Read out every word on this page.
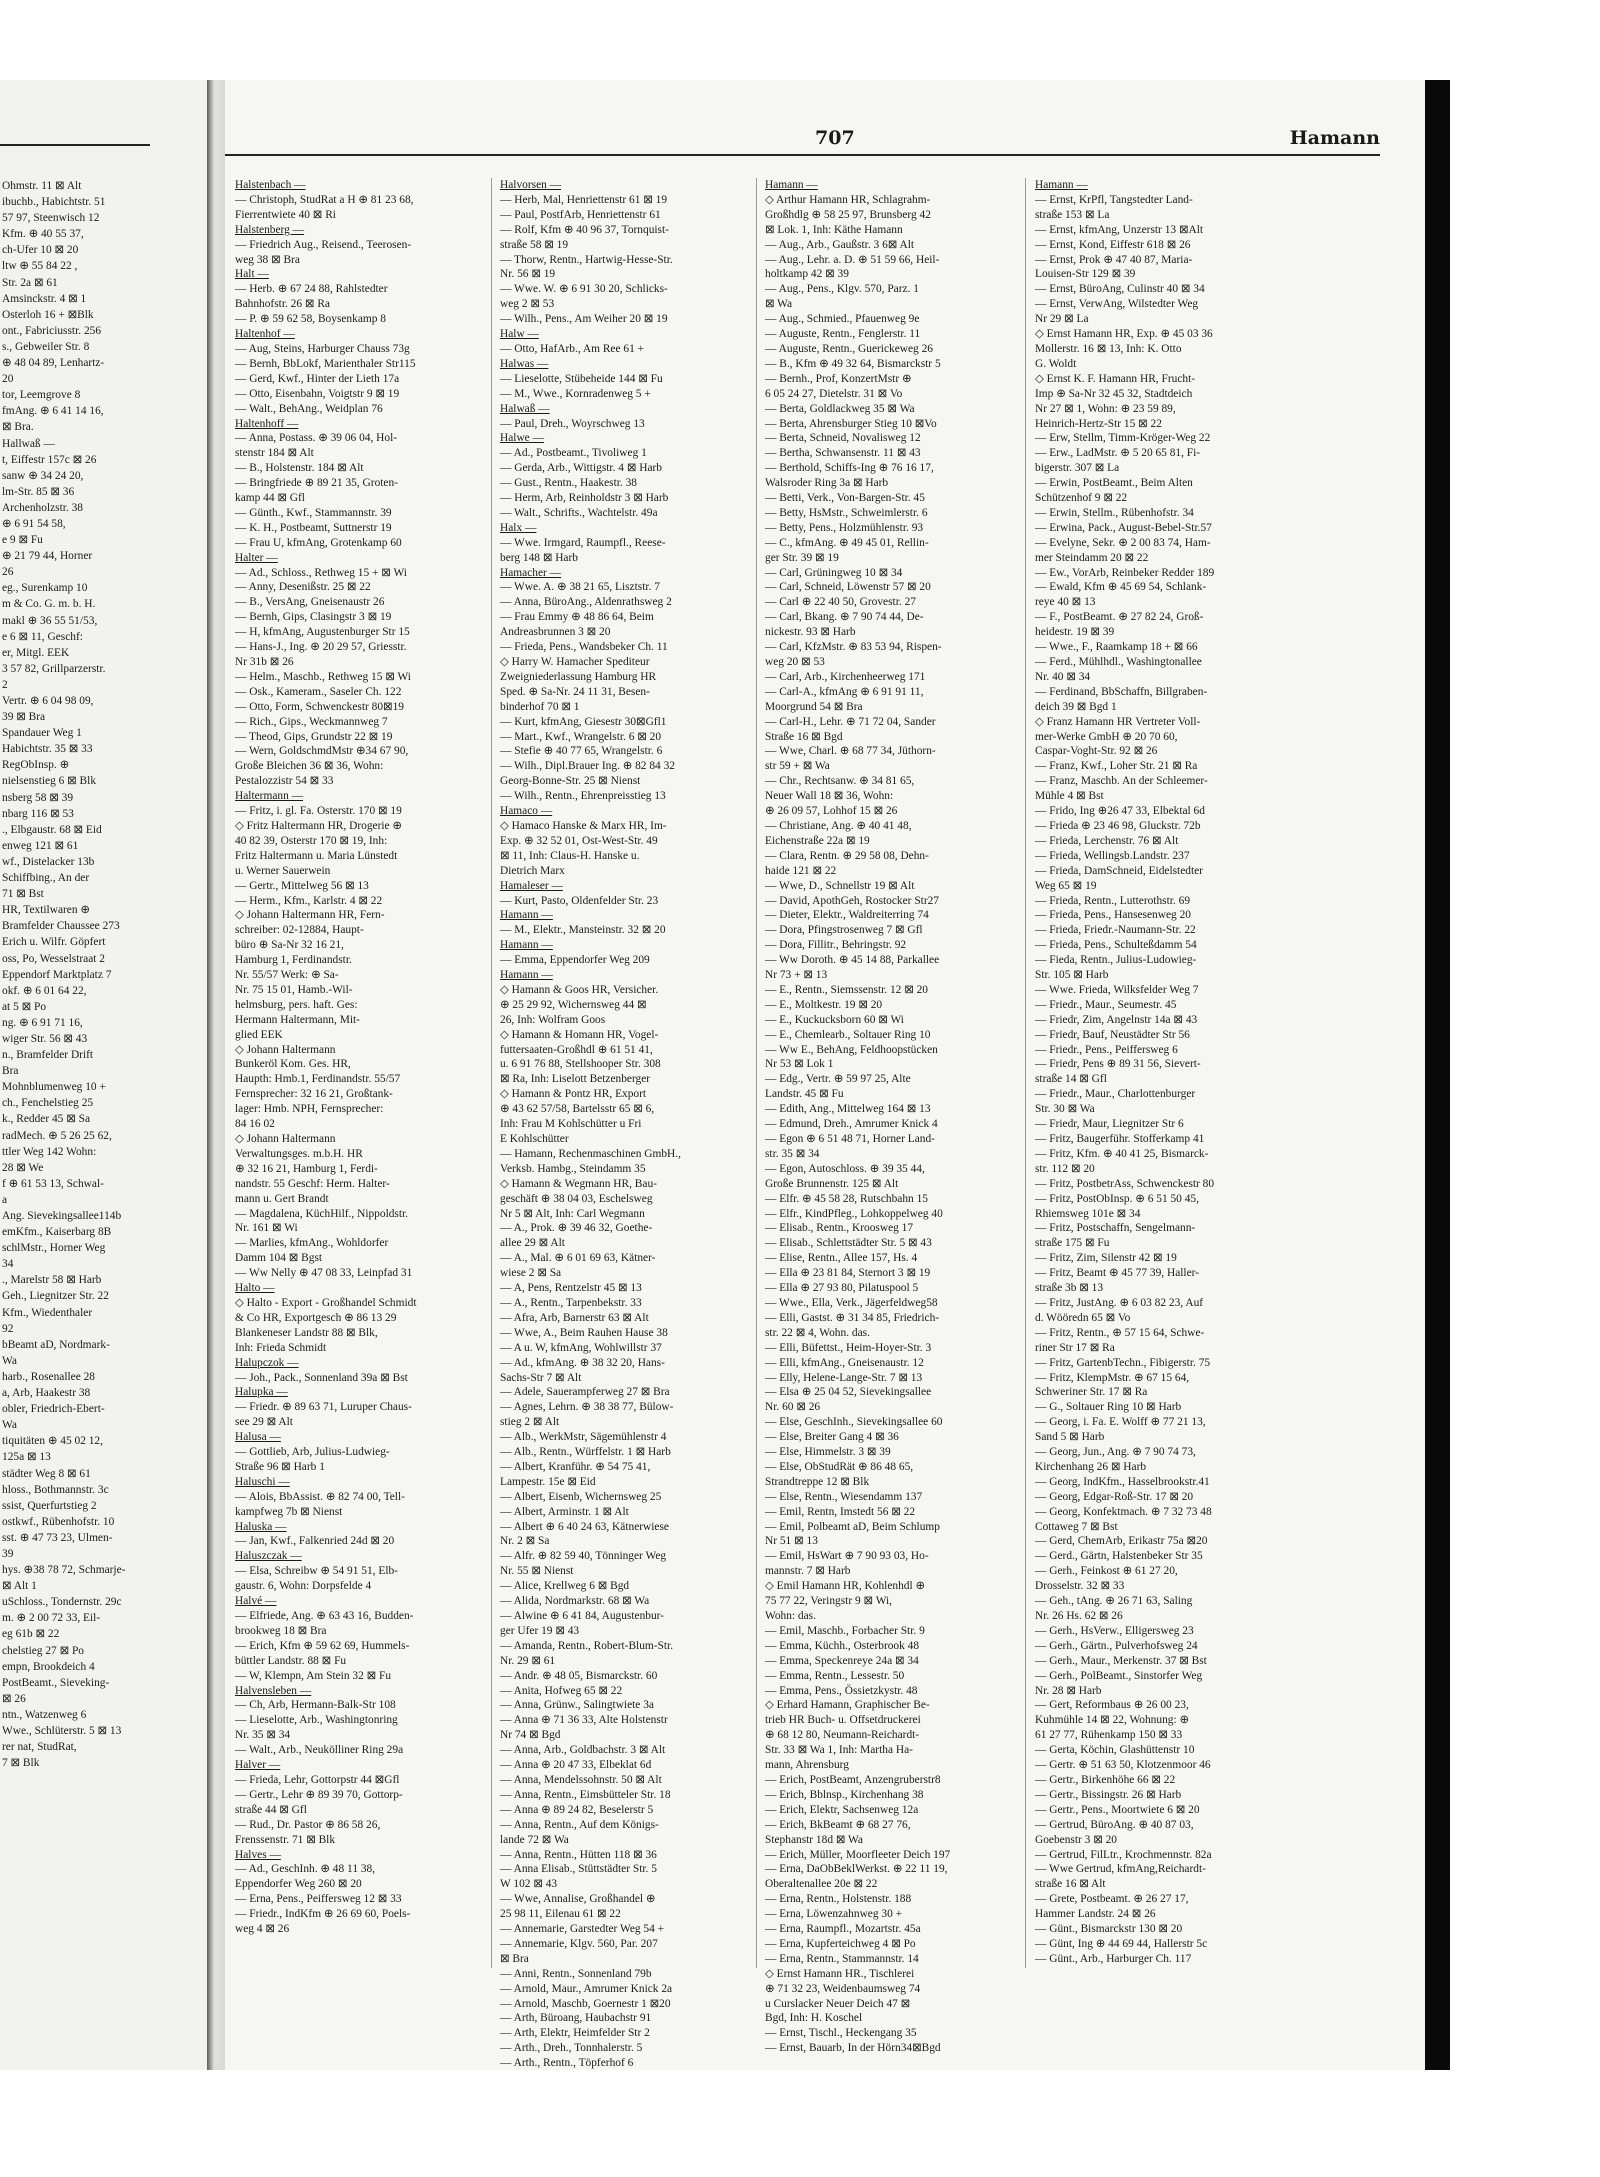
Ohmstr. 11 ⊠ Alt
ibuchb., Habichtstr. 51
57 97, Steenwisch 12
Kfm. ⊕ 40 55 37,
ch-Ufer 10 ⊠ 20
ltw ⊕ 55 84 22 ,
Str. 2a ⊠ 61
Amsinckstr. 4 ⊠ 1
Osterloh 16 + ⊠Blk
ont., Fabriciusstr. 256
s., Gebweiler Str. 8
⊕ 48 04 89, Lenhartz-
20
tor, Leemgrove 8
fmAng. ⊕ 6 41 14 16,
⊠ Bra.
Hallwaß —
t, Eiffestr 157c ⊠ 26
sanw ⊕ 34 24 20,
lm-Str. 85 ⊠ 36
Archenholzstr. 38
⊕ 6 91 54 58,
e 9 ⊠ Fu
⊕ 21 79 44, Horner
26
eg., Surenkamp 10
m & Co. G. m. b. H.
makl ⊕ 36 55 51/53,
e 6 ⊠ 11, Geschf:
er, Mitgl. EEK
3 57 82, Grillparzerstr.
2
Vertr. ⊕ 6 04 98 09,
39 ⊠ Bra
Spandauer Weg 1
Habichtstr. 35 ⊠ 33
RegObInsp. ⊕
nielsenstieg 6 ⊠ Blk
nsberg 58 ⊠ 39
nbarg 116 ⊠ 53
., Elbgaustr. 68 ⊠ Eid
enweg 121 ⊠ 61
wf., Distelacker 13b
Schiffbing., An der
71 ⊠ Bst
HR, Textilwaren ⊕
Bramfelder Chaussee 273
Erich u. Wilfr. Göpfert
oss, Po, Wesselstraat 2
Eppendorf Marktplatz 7
okf. ⊕ 6 01 64 22,
at 5 ⊠ Po
ng. ⊕ 6 91 71 16,
wiger Str. 56 ⊠ 43
n., Bramfelder Drift
Bra
Mohnblumenweg 10 +
ch., Fenchelstieg 25
k., Redder 45 ⊠ Sa
radMech. ⊕ 5 26 25 62,
ttler Weg 142 Wohn:
28 ⊠ We
f ⊕ 61 53 13, Schwal-
a
Ang. Sievekingsallee114b
emKfm., Kaiserbarg 8B
schlMstr., Horner Weg
34
., Marelstr 58 ⊠ Harb
Geh., Liegnitzer Str. 22
Kfm., Wiedenthaler
92
bBeamt aD, Nordmark-
Wa
harb., Rosenallee 28
a, Arb, Haakestr 38
obler, Friedrich-Ebert-
Wa
tiquitäten ⊕ 45 02 12,
125a ⊠ 13
städter Weg 8 ⊠ 61
hloss., Bothmannstr. 3c
ssist, Querfurtstieg 2
ostkwf., Rübenhofstr. 10
sst. ⊕ 47 73 23, Ulmen-
39
hys. ⊕38 78 72, Schmarje-
⊠ Alt 1
uSchloss., Tondernstr. 29c
m. ⊕ 2 00 72 33, Eil-
eg 61b ⊠ 22
chelstieg 27 ⊠ Po
empn, Brookdeich 4
PostBeamt., Sieveking-
⊠ 26
ntn., Watzenweg 6
Wwe., Schlüterstr. 5 ⊠ 13
rer nat, StudRat,
7 ⊠ Blk
707	Hamann
Halstenbach —
— Christoph, StudRat a H ⊕ 81 23 68,
Fierrentwiete 40 ⊠ Ri
Halstenberg —
— Friedrich Aug., Reisend., Teerosen-
weg 38 ⊠ Bra
Halt —
— Herb. ⊕ 67 24 88, Rahlstedter
Bahnhofstr. 26 ⊠ Ra
— P. ⊕ 59 62 58, Boysenkamp 8
Haltenhof —
— Aug, Steins, Harburger Chauss 73g
— Bernh, BbLokf, Marienthaler Str115
— Gerd, Kwf., Hinter der Lieth 17a
— Otto, Eisenbahn, Voigtstr 9 ⊠ 19
— Walt., BehAng., Weidplan 76
Haltenhoff —
— Anna, Postass. ⊕ 39 06 04, Hol-
stenstr 184 ⊠ Alt
— B., Holstenstr. 184 ⊠ Alt
— Bringfriede ⊕ 89 21 35, Groten-
kamp 44 ⊠ Gfl
— Günth., Kwf., Stammannstr. 39
— K. H., Postbeamt, Suttnerstr 19
— Frau U, kfmAng, Grotenkamp 60
Halter —
— Ad., Schloss., Rethweg 15 + ⊠ Wi
— Anny, Desenißstr. 25 ⊠ 22
— B., VersAng, Gneisenaustr 26
— Bernh, Gips, Clasingstr 3 ⊠ 19
— H, kfmAng, Augustenburger Str 15
— Hans-J., Ing. ⊕ 20 29 57, Griesstr.
Nr 31b ⊠ 26
— Helm., Maschb., Rethweg 15 ⊠ Wi
— Osk., Kameram., Saseler Ch. 122
— Otto, Form, Schwenckestr 80⊠19
— Rich., Gips., Weckmannweg 7
— Theod, Gips, Grundstr 22 ⊠ 19
— Wern, GoldschmdMstr ⊕34 67 90,
Große Bleichen 36 ⊠ 36, Wohn:
Pestalozzistr 54 ⊠ 33
Haltermann —
— Fritz, i. gl. Fa. Osterstr. 170 ⊠ 19
◇ Fritz Haltermann HR, Drogerie ⊕
40 82 39, Osterstr 170 ⊠ 19, Inh:
Fritz Haltermann u. Maria Lünstedt
u. Werner Sauerwein
— Gertr., Mittelweg 56 ⊠ 13
— Herm., Kfm., Karlstr. 4 ⊠ 22
◇ Johann Haltermann HR, Fern-
schreiber: 02-12884, Haupt-
büro ⊕ Sa-Nr 32 16 21,
Hamburg 1, Ferdinandstr.
Nr. 55/57 Werk: ⊕ Sa-
Nr. 75 15 01, Hamb.-Wil-
helmsburg, pers. haft. Ges:
Hermann Haltermann, Mit-
glied EEK
◇ Johann Haltermann
Bunkeröl Kom. Ges. HR,
Haupth: Hmb.1, Ferdinandstr. 55/57
Fernsprecher: 32 16 21, Großtank-
lager: Hmb. NPH, Fernsprecher:
84 16 02
◇ Johann Haltermann
Verwaltungsges. m.b.H. HR
⊕ 32 16 21, Hamburg 1, Ferdi-
nandstr. 55 Geschf: Herm. Halter-
mann u. Gert Brandt
— Magdalena, KüchHilf., Nippoldstr.
Nr. 161 ⊠ Wi
— Marlies, kfmAng., Wohldorfer
Damm 104 ⊠ Bgst
— Ww Nelly ⊕ 47 08 33, Leinpfad 31
Halto —
◇ Halto - Export - Großhandel Schmidt
& Co HR, Exportgesch ⊕ 86 13 29
Blankeneser Landstr 88 ⊠ Blk,
Inh: Frieda Schmidt
Halupczok —
— Joh., Pack., Sonnenland 39a ⊠ Bst
Halupka —
— Friedr. ⊕ 89 63 71, Luruper Chaus-
see 29 ⊠ Alt
Halusa —
— Gottlieb, Arb, Julius-Ludwieg-
Straße 96 ⊠ Harb 1
Haluschi —
— Alois, BbAssist. ⊕ 82 74 00, Tell-
kampfweg 7b ⊠ Nienst
Haluska —
— Jan, Kwf., Falkenried 24d ⊠ 20
Haluszczak —
— Elsa, Schreibw ⊕ 54 91 51, Elb-
gaustr. 6, Wohn: Dorpsfelde 4
Halvé —
— Elfriede, Ang. ⊕ 63 43 16, Budden-
brookweg 18 ⊠ Bra
— Erich, Kfm ⊕ 59 62 69, Hummels-
büttler Landstr. 88 ⊠ Fu
— W, Klempn, Am Stein 32 ⊠ Fu
Halvensleben —
— Ch, Arb, Hermann-Balk-Str 108
— Lieselotte, Arb., Washingtonring
Nr. 35 ⊠ 34
— Walt., Arb., Neukölliner Ring 29a
Halver —
— Frieda, Lehr, Gottorpstr 44 ⊠Gfl
— Gertr., Lehr ⊕ 89 39 70, Gottorp-
straße 44 ⊠ Gfl
— Rud., Dr. Pastor ⊕ 86 58 26,
Frenssenstr. 71 ⊠ Blk
Halves —
— Ad., GeschInh. ⊕ 48 11 38,
Eppendorfer Weg 260 ⊠ 20
— Erna, Pens., Peiffersweg 12 ⊠ 33
— Friedr., IndKfm ⊕ 26 69 60, Poels-
weg 4 ⊠ 26
Halvorsen —
— Herb, Mal, Henriettenstr 61 ⊠ 19
— Paul, PostfArb, Henriettenstr 61
— Rolf, Kfm ⊕ 40 96 37, Tornquist-
straße 58 ⊠ 19
— Thorw, Rentn., Hartwig-Hesse-Str.
Nr. 56 ⊠ 19
— Wwe. W. ⊕ 6 91 30 20, Schlicks-
weg 2 ⊠ 53
— Wilh., Pens., Am Weiher 20 ⊠ 19
Halw —
— Otto, HafArb., Am Ree 61 +
Halwas —
— Lieselotte, Stübeheide 144 ⊠ Fu
— M., Wwe., Kornradenweg 5 +
Halwaß —
— Paul, Dreh., Woyrschweg 13
Halwe —
— Ad., Postbeamt., Tivoliweg 1
— Gerda, Arb., Wittigstr. 4 ⊠ Harb
— Gust., Rentn., Haakestr. 38
— Herm, Arb, Reinholdstr 3 ⊠ Harb
— Walt., Schrifts., Wachtelstr. 49a
Halx —
— Wwe. Irmgard, Raumpfl., Reese-
berg 148 ⊠ Harb
Hamacher —
— Wwe. A. ⊕ 38 21 65, Lisztstr. 7
— Anna, BüroAng., Aldenrathsweg 2
— Frau Emmy ⊕ 48 86 64, Beim
Andreasbrunnen 3 ⊠ 20
— Frieda, Pens., Wandsbeker Ch. 11
◇ Harry W. Hamacher Spediteur
Zweigniederlassung Hamburg HR
Sped. ⊕ Sa-Nr. 24 11 31, Besen-
binderhof 70 ⊠ 1
— Kurt, kfmAng, Giesestr 30⊠Gfl1
— Mart., Kwf., Wrangelstr. 6 ⊠ 20
— Stefie ⊕ 40 77 65, Wrangelstr. 6
— Wilh., Dipl.Brauer Ing. ⊕ 82 84 32
Georg-Bonne-Str. 25 ⊠ Nienst
— Wilh., Rentn., Ehrenpreisstieg 13
Hamaco —
◇ Hamaco Hanske & Marx HR, Im-
Exp. ⊕ 32 52 01, Ost-West-Str. 49
⊠ 11, Inh: Claus-H. Hanske u.
Dietrich Marx
Hamaleser —
— Kurt, Pasto, Oldenfelder Str. 23
Hamann —
— M., Elektr., Mansteinstr. 32 ⊠ 20
Hamann —
— Emma, Eppendorfer Weg 209
Hamann —
◇ Hamann & Goos HR, Versicher.
⊕ 25 29 92, Wichernsweg 44 ⊠
26, Inh: Wolfram Goos
◇ Hamann & Homann HR, Vogel-
futtersaaten-Großhdl ⊕ 61 51 41,
u. 6 91 76 88, Stellshooper Str. 308
⊠ Ra, Inh: Liselott Betzenberger
◇ Hamann & Pontz HR, Export
⊕ 43 62 57/58, Bartelsstr 65 ⊠ 6,
Inh: Frau M Kohlschütter u Fri
E Kohlschütter
— Hamann, Rechenmaschinen GmbH.,
Verksb. Hambg., Steindamm 35
◇ Hamann & Wegmann HR, Bau-
geschäft ⊕ 38 04 03, Eschelsweg
Nr 5 ⊠ Alt, Inh: Carl Wegmann
— A., Prok. ⊕ 39 46 32, Goethe-
allee 29 ⊠ Alt
— A., Mal. ⊕ 6 01 69 63, Kätner-
wiese 2 ⊠ Sa
— A, Pens, Rentzelstr 45 ⊠ 13
— A., Rentn., Tarpenbekstr. 33
— Afra, Arb, Barnerstr 63 ⊠ Alt
— Wwe, A., Beim Rauhen Hause 38
— A u. W, kfmAng, Wohlwillstr 37
— Ad., kfmAng. ⊕ 38 32 20, Hans-
Sachs-Str 7 ⊠ Alt
— Adele, Sauerampferweg 27 ⊠ Bra
— Agnes, Lehrn. ⊕ 38 38 77, Bülow-
stieg 2 ⊠ Alt
— Alb., WerkMstr, Sägemühlenstr 4
— Alb., Rentn., Würffelstr. 1 ⊠ Harb
— Albert, Kranführ. ⊕ 54 75 41,
Lampestr. 15e ⊠ Eid
— Albert, Eisenb, Wichernsweg 25
— Albert, Arminstr. 1 ⊠ Alt
— Albert ⊕ 6 40 24 63, Kätnerwiese
Nr. 2 ⊠ Sa
— Alfr. ⊕ 82 59 40, Tönninger Weg
Nr. 55 ⊠ Nienst
— Alice, Krellweg 6 ⊠ Bgd
— Alida, Nordmarkstr. 68 ⊠ Wa
— Alwine ⊕ 6 41 84, Augustenbur-
ger Ufer 19 ⊠ 43
— Amanda, Rentn., Robert-Blum-Str.
Nr. 29 ⊠ 61
— Andr. ⊕ 48 05, Bismarckstr. 60
— Anita, Hofweg 65 ⊠ 22
— Anna, Grünw., Salingtwiete 3a
— Anna ⊕ 71 36 33, Alte Holstenstr
Nr 74 ⊠ Bgd
— Anna, Arb., Goldbachstr. 3 ⊠ Alt
— Anna ⊕ 20 47 33, Elbeklat 6d
— Anna, Mendelssohnstr. 50 ⊠ Alt
— Anna, Rentn., Eimsbütteler Str. 18
— Anna ⊕ 89 24 82, Beselerstr 5
— Anna, Rentn., Auf dem Königs-
lande 72 ⊠ Wa
— Anna, Rentn., Hütten 118 ⊠ 36
— Anna Elisab., Stüttstädter Str. 5
W 102 ⊠ 43
— Wwe, Annalise, Großhandel ⊕
25 98 11, Eilenau 61 ⊠ 22
— Annemarie, Garstedter Weg 54 +
— Annemarie, Klgv. 560, Par. 207
⊠ Bra
— Anni, Rentn., Sonnenland 79b
— Arnold, Maur., Amrumer Knick 2a
— Arnold, Maschb, Goernestr 1 ⊠20
— Arth, Büroang, Haubachstr 91
— Arth, Elektr, Heimfelder Str 2
— Arth., Dreh., Tonnhalerstr. 5
— Arth., Rentn., Töpferhof 6
Hamann —
◇ Arthur Hamann HR, Schlagrahm-
Großhdlg ⊕ 58 25 97, Brunsberg 42
⊠ Lok. 1, Inh: Käthe Hamann
— Aug., Arb., Gaußstr. 3 6⊠ Alt
— Aug., Lehr. a. D. ⊕ 51 59 66, Heil-
holtkamp 42 ⊠ 39
— Aug., Pens., Klgv. 570, Parz. 1
⊠ Wa
— Aug., Schmied., Pfauenweg 9e
— Auguste, Rentn., Fenglerstr. 11
— Auguste, Rentn., Guerickeweg 26
— B., Kfm ⊕ 49 32 64, Bismarckstr 5
— Bernh., Prof, KonzertMstr ⊕
6 05 24 27, Dietelstr. 31 ⊠ Vo
— Berta, Goldlackweg 35 ⊠ Wa
— Berta, Ahrensburger Stieg 10 ⊠Vo
— Berta, Schneid, Novalisweg 12
— Bertha, Schwansenstr. 11 ⊠ 43
— Berthold, Schiffs-Ing ⊕ 76 16 17,
Walsroder Ring 3a ⊠ Harb
— Betti, Verk., Von-Bargen-Str. 45
— Betty, HsMstr., Schweimlerstr. 6
— Betty, Pens., Holzmühlenstr. 93
— C., kfmAng. ⊕ 49 45 01, Rellin-
ger Str. 39 ⊠ 19
— Carl, Grüningweg 10 ⊠ 34
— Carl, Schneid, Löwenstr 57 ⊠ 20
— Carl ⊕ 22 40 50, Grovestr. 27
— Carl, Bkang. ⊕ 7 90 74 44, De-
nickestr. 93 ⊠ Harb
— Carl, KfzMstr. ⊕ 83 53 94, Rispen-
weg 20 ⊠ 53
— Carl, Arb., Kirchenheerweg 171
— Carl-A., kfmAng ⊕ 6 91 91 11,
Moorgrund 54 ⊠ Bra
— Carl-H., Lehr. ⊕ 71 72 04, Sander
Straße 16 ⊠ Bgd
— Wwe, Charl. ⊕ 68 77 34, Jüthorn-
str 59 + ⊠ Wa
— Chr., Rechtsanw. ⊕ 34 81 65,
Neuer Wall 18 ⊠ 36, Wohn:
⊕ 26 09 57, Lohhof 15 ⊠ 26
— Christiane, Ang. ⊕ 40 41 48,
Eichenstraße 22a ⊠ 19
— Clara, Rentn. ⊕ 29 58 08, Dehn-
haide 121 ⊠ 22
— Wwe, D., Schnellstr 19 ⊠ Alt
— David, ApothGeh, Rostocker Str27
— Dieter, Elektr., Waldreiterring 74
— Dora, Pfingstrosenweg 7 ⊠ Gfl
— Dora, Fillitr., Behringstr. 92
— Ww Doroth. ⊕ 45 14 88, Parkallee
Nr 73 + ⊠ 13
— E., Rentn., Siemssenstr. 12 ⊠ 20
— E., Moltkestr. 19 ⊠ 20
— E., Kuckucksborn 60 ⊠ Wi
— E., Chemlearb., Soltauer Ring 10
— Ww E., BehAng, Feldhoopstücken
Nr 53 ⊠ Lok 1
— Edg., Vertr. ⊕ 59 97 25, Alte
Landstr. 45 ⊠ Fu
— Edith, Ang., Mittelweg 164 ⊠ 13
— Edmund, Dreh., Amrumer Knick 4
— Egon ⊕ 6 51 48 71, Horner Land-
str. 35 ⊠ 34
— Egon, Autoschloss. ⊕ 39 35 44,
Große Brunnenstr. 125 ⊠ Alt
— Elfr. ⊕ 45 58 28, Rutschbahn 15
— Elfr., KindPfleg., Lohkoppelweg 40
— Elisab., Rentn., Kroosweg 17
— Elisab., Schlettstädter Str. 5 ⊠ 43
— Elise, Rentn., Allee 157, Hs. 4
— Ella ⊕ 23 81 84, Sternort 3 ⊠ 19
— Ella ⊕ 27 93 80, Pilatuspool 5
— Wwe., Ella, Verk., Jägerfeldweg58
— Elli, Gastst. ⊕ 31 34 85, Friedrich-
str. 22 ⊠ 4, Wohn. das.
— Elli, Büfettst., Heim-Hoyer-Str. 3
— Elli, kfmAng., Gneisenaustr. 12
— Elly, Helene-Lange-Str. 7 ⊠ 13
— Elsa ⊕ 25 04 52, Sievekingsallee
Nr. 60 ⊠ 26
— Else, GeschInh., Sievekingsallee 60
— Else, Breiter Gang 4 ⊠ 36
— Else, Himmelstr. 3 ⊠ 39
— Else, ObStudRät ⊕ 86 48 65,
Strandtreppe 12 ⊠ Blk
— Else, Rentn., Wiesendamm 137
— Emil, Rentn, Imstedt 56 ⊠ 22
— Emil, Polbeamt aD, Beim Schlump
Nr 51 ⊠ 13
— Emil, HsWart ⊕ 7 90 93 03, Ho-
mannstr. 7 ⊠ Harb
◇ Emil Hamann HR, Kohlenhdl ⊕
75 77 22, Veringstr 9 ⊠ Wi,
Wohn: das.
— Emil, Maschb., Forbacher Str. 9
— Emma, Küchh., Osterbrook 48
— Emma, Speckenreye 24a ⊠ 34
— Emma, Rentn., Lessestr. 50
— Emma, Pens., Össietzkystr. 48
◇ Erhard Hamann, Graphischer Be-
trieb HR Buch- u. Offsetdruckerei
⊕ 68 12 80, Neumann-Reichardt-
Str. 33 ⊠ Wa 1, Inh: Martha Ha-
mann, Ahrensburg
— Erich, PostBeamt, Anzengruberstr8
— Erich, Bblnsp., Kirchenhang 38
— Erich, Elektr, Sachsenweg 12a
— Erich, BkBeamt ⊕ 68 27 76,
Stephanstr 18d ⊠ Wa
— Erich, Müller, Moorfleeter Deich 197
— Erna, DaObBeklWerkst. ⊕ 22 11 19,
Oberaltenallee 20e ⊠ 22
— Erna, Rentn., Holstenstr. 188
— Erna, Löwenzahnweg 30 +
— Erna, Raumpfl., Mozartstr. 45a
— Erna, Kupferteichweg 4 ⊠ Po
— Erna, Rentn., Stammannstr. 14
◇ Ernst Hamann HR., Tischlerei
⊕ 71 32 23, Weidenbaumsweg 74
u Curslacker Neuer Deich 47 ⊠
Bgd, Inh: H. Koschel
— Ernst, Tischl., Heckengang 35
— Ernst, Bauarb, In der Hörn34⊠Bgd
Hamann —
— Ernst, KrPfl, Tangstedter Land-
straße 153 ⊠ La
— Ernst, kfmAng, Unzerstr 13 ⊠Alt
— Ernst, Kond, Eiffestr 618 ⊠ 26
— Ernst, Prok ⊕ 47 40 87, Maria-
Louisen-Str 129 ⊠ 39
— Ernst, BüroAng, Culinstr 40 ⊠ 34
— Ernst, VerwAng, Wilstedter Weg
Nr 29 ⊠ La
◇ Ernst Hamann HR, Exp. ⊕ 45 03 36
Mollerstr. 16 ⊠ 13, Inh: K. Otto
G. Woldt
◇ Ernst K. F. Hamann HR, Frucht-
Imp ⊕ Sa-Nr 32 45 32, Stadtdeich
Nr 27 ⊠ 1, Wohn: ⊕ 23 59 89,
Heinrich-Hertz-Str 15 ⊠ 22
— Erw, Stellm, Timm-Kröger-Weg 22
— Erw., LadMstr. ⊕ 5 20 65 81, Fi-
bigerstr. 307 ⊠ La
— Erwin, PostBeamt., Beim Alten
Schützenhof 9 ⊠ 22
— Erwin, Stellm., Rübenhofstr. 34
— Erwina, Pack., August-Bebel-Str.57
— Evelyne, Sekr. ⊕ 2 00 83 74, Ham-
mer Steindamm 20 ⊠ 22
— Ew., VorArb, Reinbeker Redder 189
— Ewald, Kfm ⊕ 45 69 54, Schlank-
reye 40 ⊠ 13
— F., PostBeamt. ⊕ 27 82 24, Groß-
heidestr. 19 ⊠ 39
— Wwe., F., Raamkamp 18 + ⊠ 66
— Ferd., Mühlhdl., Washingtonallee
Nr. 40 ⊠ 34
— Ferdinand, BbSchaffn, Billgraben-
deich 39 ⊠ Bgd 1
◇ Franz Hamann HR Vertreter Voll-
mer-Werke GmbH ⊕ 20 70 60,
Caspar-Voght-Str. 92 ⊠ 26
— Franz, Kwf., Loher Str. 21 ⊠ Ra
— Franz, Maschb. An der Schleemer-
Mühle 4 ⊠ Bst
— Frido, Ing ⊕26 47 33, Elbektal 6d
— Frieda ⊕ 23 46 98, Gluckstr. 72b
— Frieda, Lerchenstr. 76 ⊠ Alt
— Frieda, Wellingsb.Landstr. 237
— Frieda, DamSchneid, Eidelstedter
Weg 65 ⊠ 19
— Frieda, Rentn., Lutterothstr. 69
— Frieda, Pens., Hansesenweg 20
— Frieda, Friedr.-Naumann-Str. 22
— Frieda, Pens., Schulteßdamm 54
— Fieda, Rentn., Julius-Ludowieg-
Str. 105 ⊠ Harb
— Wwe. Frieda, Wilksfelder Weg 7
— Friedr., Maur., Seumestr. 45
— Friedr, Zim, Angelnstr 14a ⊠ 43
— Friedr, Bauf, Neustädter Str 56
— Friedr., Pens., Peiffersweg 6
— Friedr, Pens ⊕ 89 31 56, Sievert-
straße 14 ⊠ Gfl
— Friedr., Maur., Charlottenburger
Str. 30 ⊠ Wa
— Friedr, Maur, Liegnitzer Str 6
— Fritz, Baugerführ. Stofferkamp 41
— Fritz, Kfm. ⊕ 40 41 25, Bismarck-
str. 112 ⊠ 20
— Fritz, PostbetrAss, Schwenckestr 80
— Fritz, PostObInsp. ⊕ 6 51 50 45,
Rhiemsweg 101e ⊠ 34
— Fritz, Postschaffn, Sengelmann-
straße 175 ⊠ Fu
— Fritz, Zim, Silenstr 42 ⊠ 19
— Fritz, Beamt ⊕ 45 77 39, Haller-
straße 3b ⊠ 13
— Fritz, JustAng. ⊕ 6 03 82 23, Auf
d. Wööredn 65 ⊠ Vo
— Fritz, Rentn., ⊕ 57 15 64, Schwe-
riner Str 17 ⊠ Ra
— Fritz, GartenbTechn., Fibigerstr. 75
— Fritz, KlempMstr. ⊕ 67 15 64,
Schweriner Str. 17 ⊠ Ra
— G., Soltauer Ring 10 ⊠ Harb
— Georg, i. Fa. E. Wolff ⊕ 77 21 13,
Sand 5 ⊠ Harb
— Georg, Jun., Ang. ⊕ 7 90 74 73,
Kirchenhang 26 ⊠ Harb
— Georg, IndKfm., Hasselbrookstr.41
— Georg, Edgar-Roß-Str. 17 ⊠ 20
— Georg, Konfektmach. ⊕ 7 32 73 48
Cottaweg 7 ⊠ Bst
— Gerd, ChemArb, Erikastr 75a ⊠20
— Gerd., Gärtn, Halstenbeker Str 35
— Gerh., Feinkost ⊕ 61 27 20,
Drosselstr. 32 ⊠ 33
— Geh., tAng. ⊕ 26 71 63, Saling
Nr. 26 Hs. 62 ⊠ 26
— Gerh., HsVerw., Elligersweg 23
— Gerh., Gärtn., Pulverhofsweg 24
— Gerh., Maur., Merkenstr. 37 ⊠ Bst
— Gerh., PolBeamt., Sinstorfer Weg
Nr. 28 ⊠ Harb
— Gert, Reformbaus ⊕ 26 00 23,
Kuhmühle 14 ⊠ 22, Wohnung: ⊕
61 27 77, Rühenkamp 150 ⊠ 33
— Gerta, Köchin, Glashüttenstr 10
— Gertr. ⊕ 51 63 50, Klotzenmoor 46
— Gertr., Birkenhöhe 66 ⊠ 22
— Gertr., Bissingstr. 26 ⊠ Harb
— Gertr., Pens., Moortwiete 6 ⊠ 20
— Gertrud, BüroAng. ⊕ 40 87 03,
Goebenstr 3 ⊠ 20
— Gertrud, FilLtr., Krochmennstr. 82a
— Wwe Gertrud, kfmAng,Reichardt-
straße 16 ⊠ Alt
— Grete, Postbeamt. ⊕ 26 27 17,
Hammer Landstr. 24 ⊠ 26
— Günt., Bismarckstr 130 ⊠ 20
— Günt, Ing ⊕ 44 69 44, Hallerstr 5c
— Günt., Arb., Harburger Ch. 117
